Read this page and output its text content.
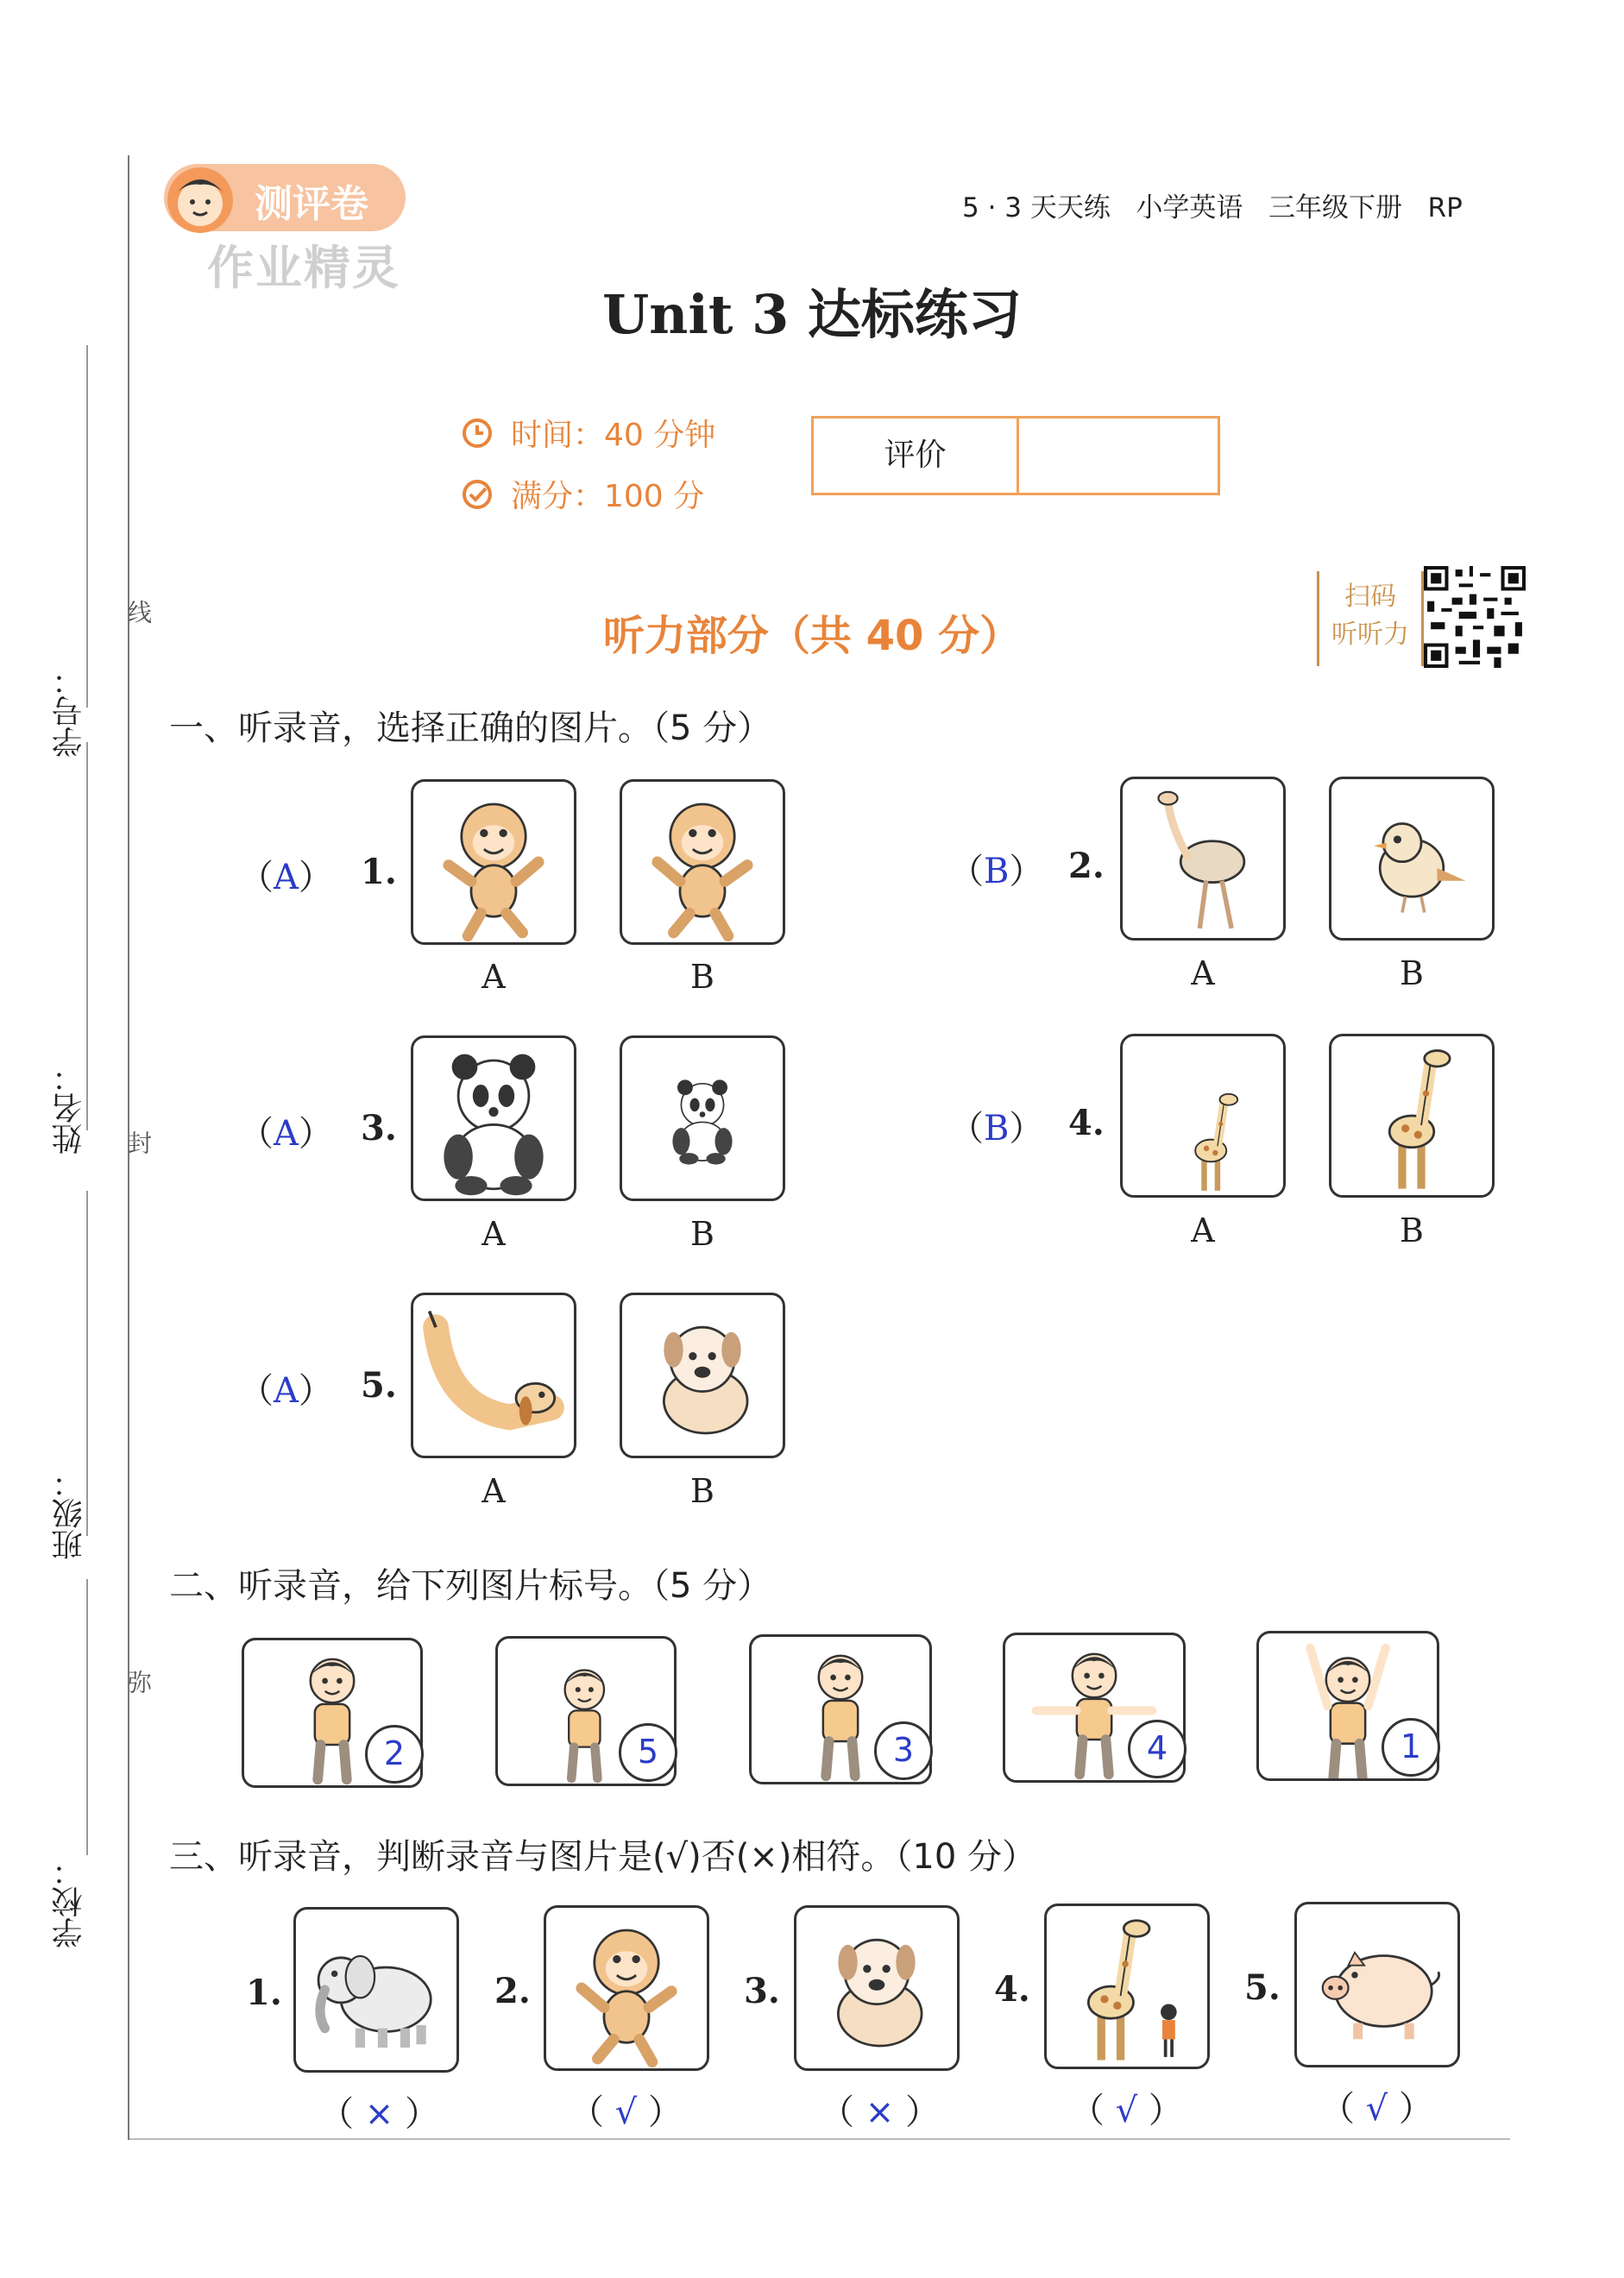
学号：
姓名：
班级：
学校：
线
封
弥
测评卷
作业精灵
5 · 3 天天练   小学英语   三年级下册   RP
Unit 3 达标练习
时间：40 分钟
满分：100 分
评价
扫码
听听力
听力部分（共 40 分）
一、听录音，选择正确的图片。（5 分）
（A） 1.
A	B
（B） 2.
A	B
（A） 3.
A	B
（B） 4.
A	B
（A） 5.
A	B
二、听录音，给下列图片标号。（5 分）
2	5	3	4	1
三、听录音，判断录音与图片是(√)否(×)相符。（10 分）
1.
（ × ）
2.
（ √ ）
3.
（ × ）
4.
（ √ ）
5.
（ √ ）
